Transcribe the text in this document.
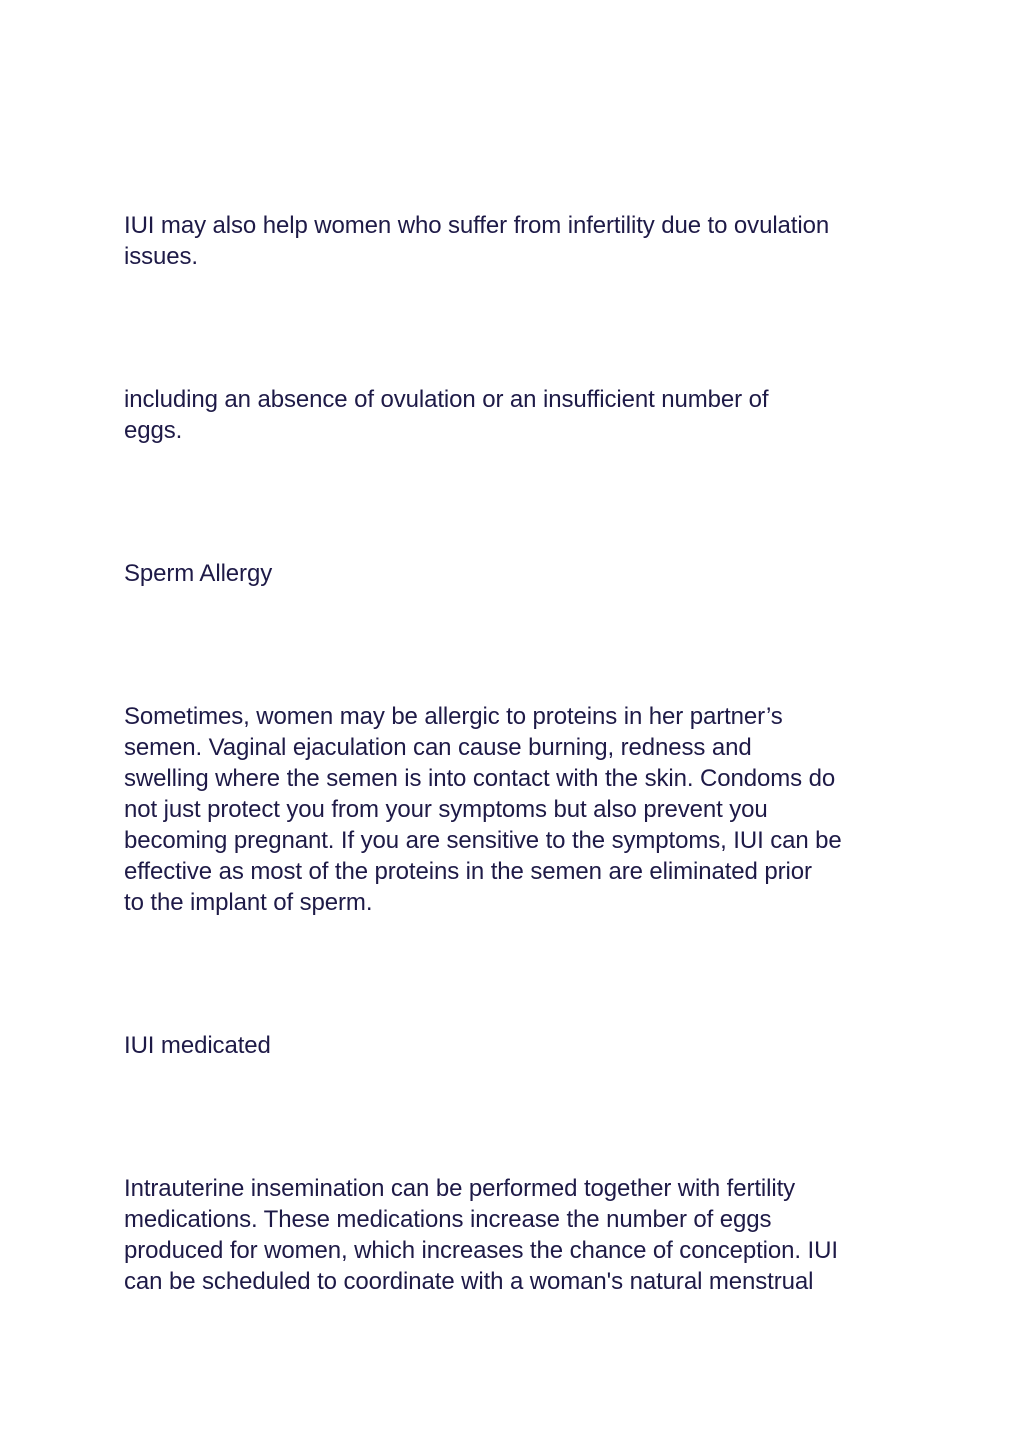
IUI may also help women who suffer from infertility due to ovulation
issues.

including an absence of ovulation or an insufficient number of
eggs.

Sperm Allergy

Sometimes, women may be allergic to proteins in her partner’s
semen. Vaginal ejaculation can cause burning, redness and
swelling where the semen is into contact with the skin. Condoms do
not just protect you from your symptoms but also prevent you
becoming pregnant. If you are sensitive to the symptoms, IUI can be
effective as most of the proteins in the semen are eliminated prior
to the implant of sperm.

IUI medicated

Intrauterine insemination can be performed together with fertility
medications. These medications increase the number of eggs
produced for women, which increases the chance of conception. IUI
can be scheduled to coordinate with a woman's natural menstrual
